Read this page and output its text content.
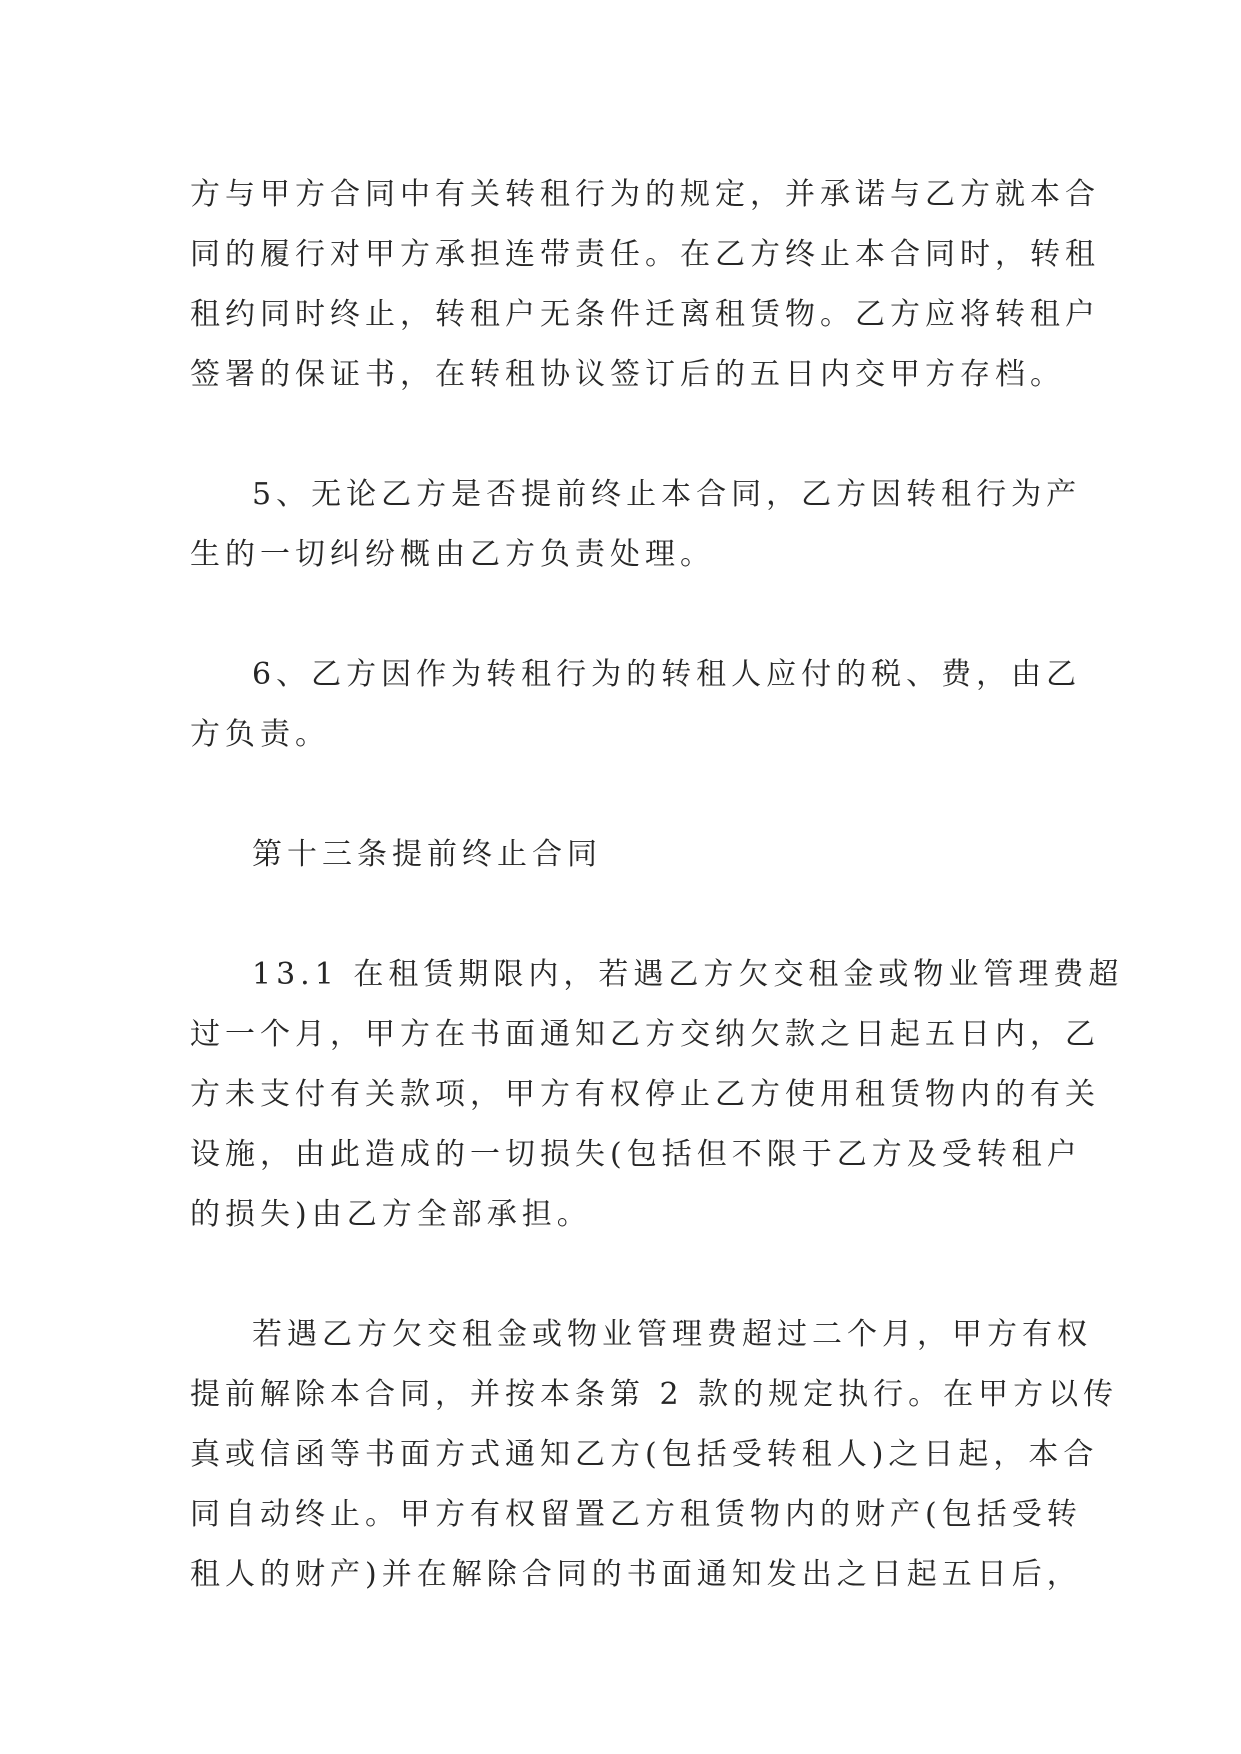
方与甲方合同中有关转租行为的规定，并承诺与乙方就本合
同的履行对甲方承担连带责任。在乙方终止本合同时，转租
租约同时终止，转租户无条件迁离租赁物。乙方应将转租户
签署的保证书，在转租协议签订后的五日内交甲方存档。
5、无论乙方是否提前终止本合同，乙方因转租行为产
生的一切纠纷概由乙方负责处理。
6、乙方因作为转租行为的转租人应付的税、费，由乙
方负责。
第十三条提前终止合同
13.1 在租赁期限内，若遇乙方欠交租金或物业管理费超
过一个月，甲方在书面通知乙方交纳欠款之日起五日内，乙
方未支付有关款项，甲方有权停止乙方使用租赁物内的有关
设施，由此造成的一切损失(包括但不限于乙方及受转租户
的损失)由乙方全部承担。
若遇乙方欠交租金或物业管理费超过二个月，甲方有权
提前解除本合同，并按本条第 2 款的规定执行。在甲方以传
真或信函等书面方式通知乙方(包括受转租人)之日起，本合
同自动终止。甲方有权留置乙方租赁物内的财产(包括受转
租人的财产)并在解除合同的书面通知发出之日起五日后，
